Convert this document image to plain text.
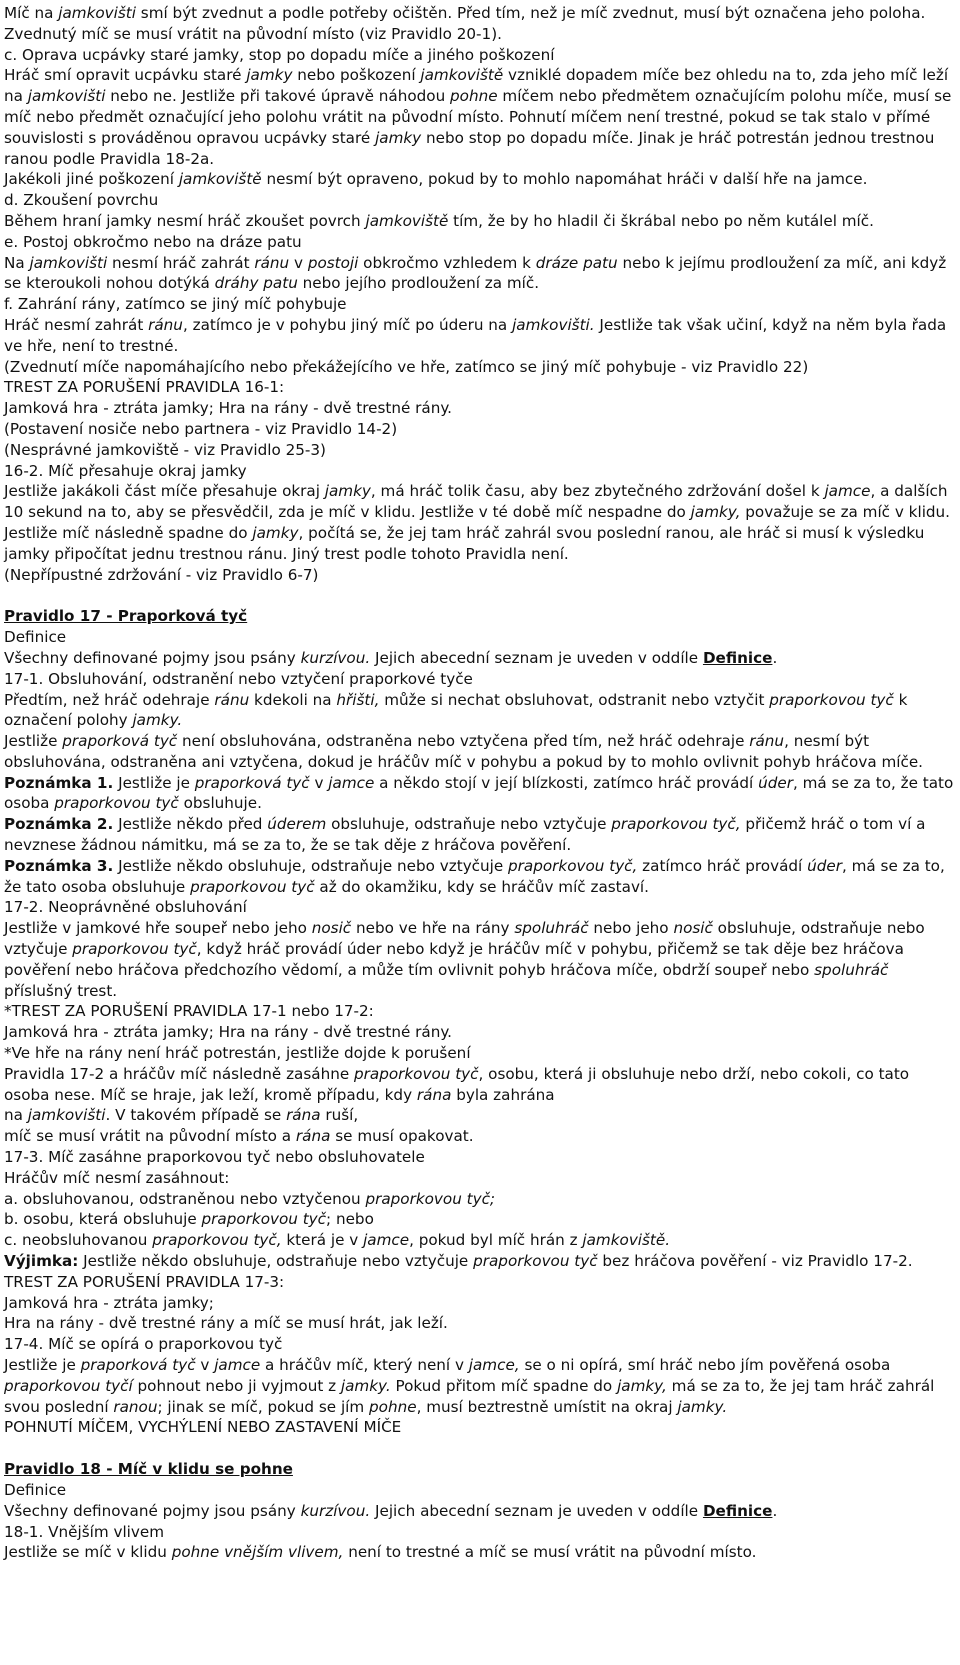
Míč na jamkovišti smí být zvednut a podle potřeby očištěn. Před tím, než je míč zvednut, musí být označena jeho poloha. Zvednutý míč se musí vrátit na původní místo (viz Pravidlo 20-1).
c. Oprava ucpávky staré jamky, stop po dopadu míče a jiného poškození
Hráč smí opravit ucpávku staré jamky nebo poškození jamkoviště vzniklé dopadem míče bez ohledu na to, zda jeho míč leží na jamkovišti nebo ne. Jestliže při takové úpravě náhodou pohne míčem nebo předmětem označujícím polohu míče, musí se míč nebo předmět označující jeho polohu vrátit na původní místo. Pohnutí míčem není trestné, pokud se tak stalo v přímé souvislosti s prováděnou opravou ucpávky staré jamky nebo stop po dopadu míče. Jinak je hráč potrestán jednou trestnou ranou podle Pravidla 18-2a.
Jakékoli jiné poškození jamkoviště nesmí být opraveno, pokud by to mohlo napomáhat hráči v další hře na jamce.
d. Zkoušení povrchu
Během hraní jamky nesmí hráč zkoušet povrch jamkoviště tím, že by ho hladil či škrábal nebo po něm kutálel míč.
e. Postoj obkročmo nebo na dráze patu
Na jamkovišti nesmí hráč zahrát ránu v postoji obkročmo vzhledem k dráze patu nebo k jejímu prodloužení za míč, ani když se kteroukoli nohou dotýká dráhy patu nebo jejího prodloužení za míč.
f. Zahrání rány, zatímco se jiný míč pohybuje
Hráč nesmí zahrát ránu, zatímco je v pohybu jiný míč po úderu na jamkovišti. Jestliže tak však učiní, když na něm byla řada ve hře, není to trestné.
(Zvednutí míče napomáhajícího nebo překážejícího ve hře, zatímco se jiný míč pohybuje - viz Pravidlo 22)
TREST ZA PORUŠENÍ PRAVIDLA 16-1:
Jamková hra - ztráta jamky; Hra na rány - dvě trestné rány.
(Postavení nosiče nebo partnera - viz Pravidlo 14-2)
(Nesprávné jamkoviště - viz Pravidlo 25-3)
16-2. Míč přesahuje okraj jamky
Jestliže jakákoli část míče přesahuje okraj jamky, má hráč tolik času, aby bez zbytečného zdržování došel k jamce, a dalších 10 sekund na to, aby se přesvědčil, zda je míč v klidu. Jestliže v té době míč nespadne do jamky, považuje se za míč v klidu. Jestliže míč následně spadne do jamky, počítá se, že jej tam hráč zahrál svou poslední ranou, ale hráč si musí k výsledku jamky připočítat jednu trestnou ránu. Jiný trest podle tohoto Pravidla není.
(Nepřípustné zdržování - viz Pravidlo 6-7)
Pravidlo 17 - Praporková tyč
Definice
Všechny definované pojmy jsou psány kurzívou. Jejich abecední seznam je uveden v oddíle Definice.
17-1. Obsluhování, odstranění nebo vztyčení praporkové tyče
Předtím, než hráč odehraje ránu kdekoli na hřišti, může si nechat obsluhovat, odstranit nebo vztyčit praporkovou tyč k označení polohy jamky.
Jestliže praporková tyč není obsluhována, odstraněna nebo vztyčena před tím, než hráč odehraje ránu, nesmí být obsluhována, odstraněna ani vztyčena, dokud je hráčův míč v pohybu a pokud by to mohlo ovlivnit pohyb hráčova míče.
Poznámka 1. Jestliže je praporková tyč v jamce a někdo stojí v její blízkosti, zatímco hráč provádí úder, má se za to, že tato osoba praporkovou tyč obsluhuje.
Poznámka 2. Jestliže někdo před úderem obsluhuje, odstraňuje nebo vztyčuje praporkovou tyč, přičemž hráč o tom ví a nevznese žádnou námitku, má se za to, že se tak děje z hráčova pověření.
Poznámka 3. Jestliže někdo obsluhuje, odstraňuje nebo vztyčuje praporkovou tyč, zatímco hráč provádí úder, má se za to, že tato osoba obsluhuje praporkovou tyč až do okamžiku, kdy se hráčův míč zastaví.
17-2. Neoprávněné obsluhování
Jestliže v jamkové hře soupeř nebo jeho nosič nebo ve hře na rány spoluhráč nebo jeho nosič obsluhuje, odstraňuje nebo vztyčuje praporkovou tyč, když hráč provádí úder nebo když je hráčův míč v pohybu, přičemž se tak děje bez hráčova pověření nebo hráčova předchozího vědomí, a může tím ovlivnit pohyb hráčova míče, obdrží soupeř nebo spoluhráč příslušný trest.
*TREST ZA PORUŠENÍ PRAVIDLA 17-1 nebo 17-2:
Jamková hra - ztráta jamky; Hra na rány - dvě trestné rány.
*Ve hře na rány není hráč potrestán, jestliže dojde k porušení
Pravidla 17-2 a hráčův míč následně zasáhne praporkovou tyč, osobu, která ji obsluhuje nebo drží, nebo cokoli, co tato osoba nese. Míč se hraje, jak leží, kromě případu, kdy rána byla zahrána
na jamkovišti. V takovém případě se rána ruší,
míč se musí vrátit na původní místo a rána se musí opakovat.
17-3. Míč zasáhne praporkovou tyč nebo obsluhovatele
Hráčův míč nesmí zasáhnout:
a. obsluhovanou, odstraněnou nebo vztyčenou praporkovou tyč;
b. osobu, která obsluhuje praporkovou tyč; nebo
c. neobsluhovanou praporkovou tyč, která je v jamce, pokud byl míč hrán z jamkoviště.
Výjimka: Jestliže někdo obsluhuje, odstraňuje nebo vztyčuje praporkovou tyč bez hráčova pověření - viz Pravidlo 17-2.
TREST ZA PORUŠENÍ PRAVIDLA 17-3:
Jamková hra - ztráta jamky;
Hra na rány - dvě trestné rány a míč se musí hrát, jak leží.
17-4. Míč se opírá o praporkovou tyč
Jestliže je praporková tyč v jamce a hráčův míč, který není v jamce, se o ni opírá, smí hráč nebo jím pověřená osoba praporkovou tyčí pohnout nebo ji vyjmout z jamky. Pokud přitom míč spadne do jamky, má se za to, že jej tam hráč zahrál svou poslední ranou; jinak se míč, pokud se jím pohne, musí beztrestně umístit na okraj jamky.
POHNUTÍ MÍČEM, VYCHÝLENÍ NEBO ZASTAVENÍ MÍČE
Pravidlo 18 - Míč v klidu se pohne
Definice
Všechny definované pojmy jsou psány kurzívou. Jejich abecední seznam je uveden v oddíle Definice.
18-1. Vnějším vlivem
Jestliže se míč v klidu pohne vnějším vlivem, není to trestné a míč se musí vrátit na původní místo.
